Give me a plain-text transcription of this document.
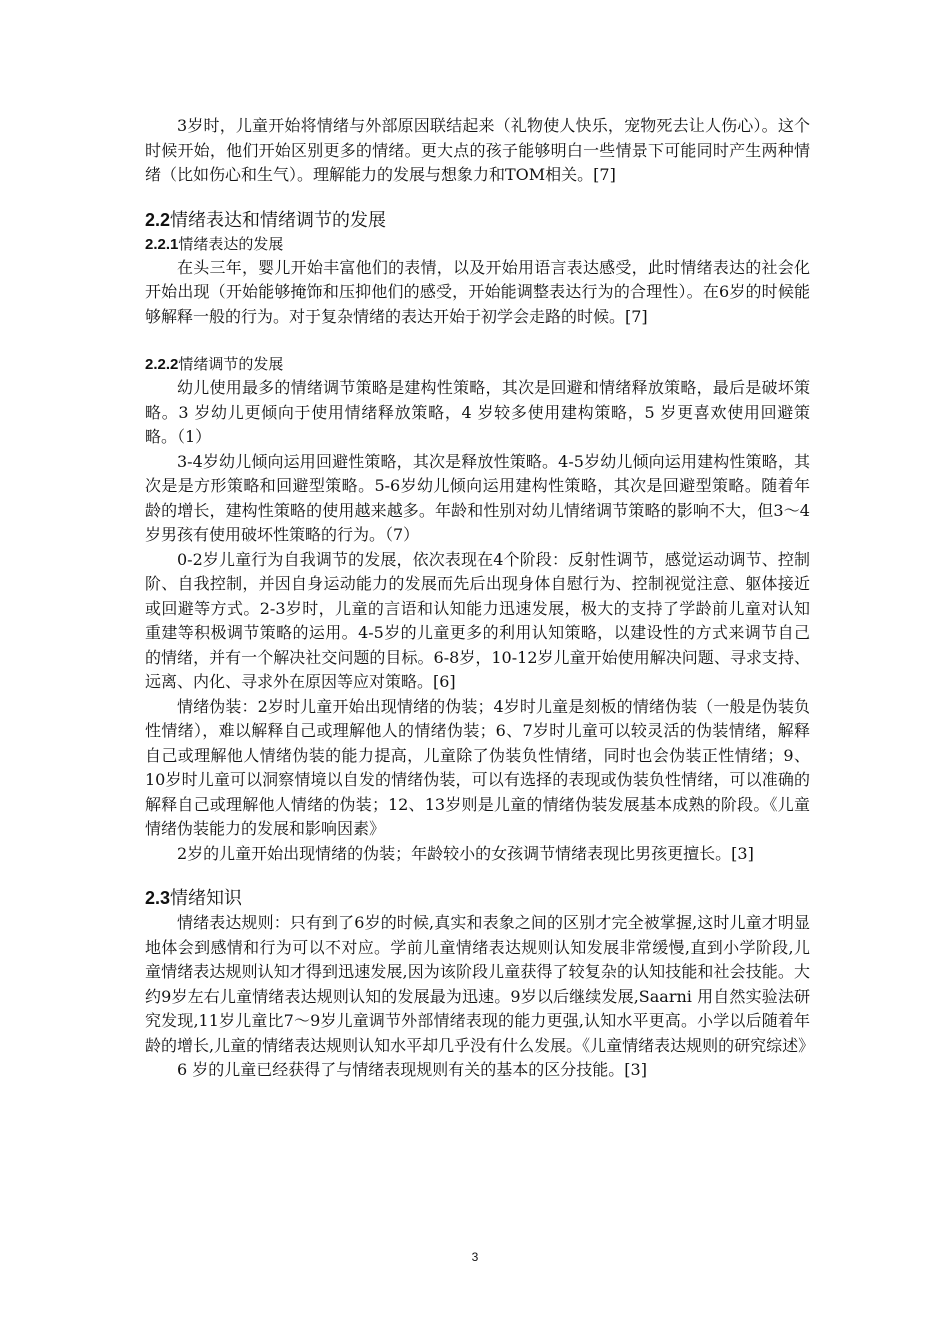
3岁时，儿童开始将情绪与外部原因联结起来（礼物使人快乐，宠物死去让人伤心）。这个时候开始，他们开始区别更多的情绪。更大点的孩子能够明白一些情景下可能同时产生两种情绪（比如伤心和生气）。理解能力的发展与想象力和TOM相关。[7]

2.2情绪表达和情绪调节的发展
2.2.1情绪表达的发展

在头三年，婴儿开始丰富他们的表情，以及开始用语言表达感受，此时情绪表达的社会化开始出现（开始能够掩饰和压抑他们的感受，开始能调整表达行为的合理性）。在6岁的时候能够解释一般的行为。对于复杂情绪的表达开始于初学会走路的时候。[7]

2.2.2情绪调节的发展

幼儿使用最多的情绪调节策略是建构性策略，其次是回避和情绪释放策略，最后是破坏策略。3 岁幼儿更倾向于使用情绪释放策略，4 岁较多使用建构策略，5 岁更喜欢使用回避策略。（1）

3-4岁幼儿倾向运用回避性策略，其次是释放性策略。4-5岁幼儿倾向运用建构性策略，其次是是方形策略和回避型策略。5-6岁幼儿倾向运用建构性策略，其次是回避型策略。随着年龄的增长，建构性策略的使用越来越多。年龄和性别对幼儿情绪调节策略的影响不大，但3～4岁男孩有使用破坏性策略的行为。（7）

0-2岁儿童行为自我调节的发展，依次表现在4个阶段：反射性调节，感觉运动调节、控制阶、自我控制，并因自身运动能力的发展而先后出现身体自慰行为、控制视觉注意、躯体接近或回避等方式。2-3岁时，儿童的言语和认知能力迅速发展，极大的支持了学龄前儿童对认知重建等积极调节策略的运用。4-5岁的儿童更多的利用认知策略，以建设性的方式来调节自己的情绪，并有一个解决社交问题的目标。6-8岁，10-12岁儿童开始使用解决问题、寻求支持、远离、内化、寻求外在原因等应对策略。[6]

情绪伪装：2岁时儿童开始出现情绪的伪装；4岁时儿童是刻板的情绪伪装（一般是伪装负性情绪），难以解释自己或理解他人的情绪伪装；6、7岁时儿童可以较灵活的伪装情绪，解释自己或理解他人情绪伪装的能力提高，儿童除了伪装负性情绪，同时也会伪装正性情绪；9、10岁时儿童可以洞察情境以自发的情绪伪装，可以有选择的表现或伪装负性情绪，可以准确的解释自己或理解他人情绪的伪装；12、13岁则是儿童的情绪伪装发展基本成熟的阶段。《儿童情绪伪装能力的发展和影响因素》

2岁的儿童开始出现情绪的伪装；年龄较小的女孩调节情绪表现比男孩更擅长。[3]

2.3情绪知识

情绪表达规则：只有到了6岁的时候,真实和表象之间的区别才完全被掌握,这时儿童才明显地体会到感情和行为可以不对应。学前儿童情绪表达规则认知发展非常缓慢,直到小学阶段,儿童情绪表达规则认知才得到迅速发展,因为该阶段儿童获得了较复杂的认知技能和社会技能。大约9岁左右儿童情绪表达规则认知的发展最为迅速。9岁以后继续发展,Saarni 用自然实验法研究发现,11岁儿童比7～9岁儿童调节外部情绪表现的能力更强,认知水平更高。小学以后随着年龄的增长,儿童的情绪表达规则认知水平却几乎没有什么发展。《儿童情绪表达规则的研究综述》

6 岁的儿童已经获得了与情绪表现规则有关的基本的区分技能。[3]

3
